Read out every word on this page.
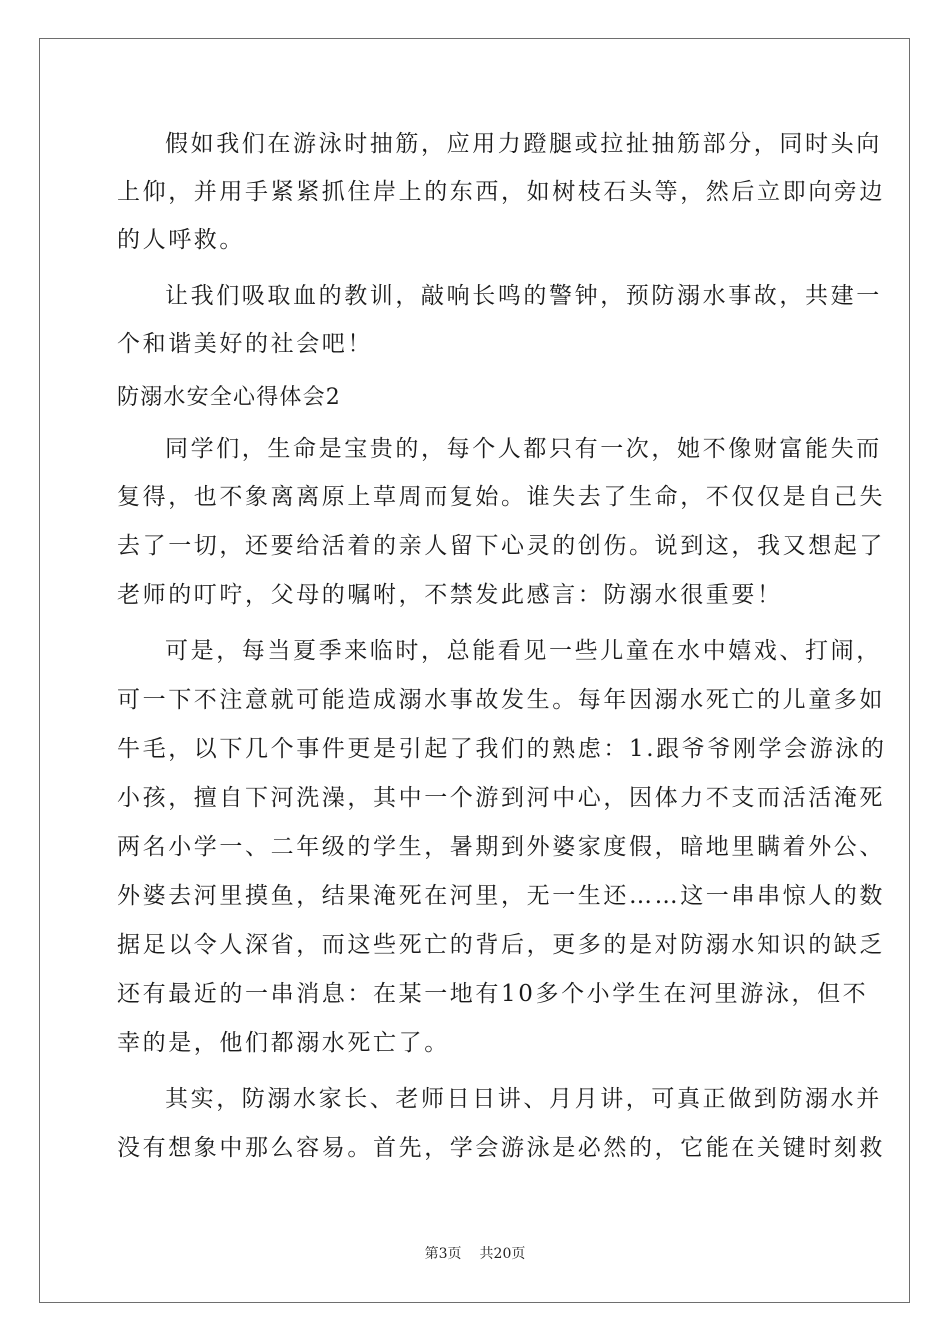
假如我们在游泳时抽筋，应用力蹬腿或拉扯抽筋部分，同时头向
上仰，并用手紧紧抓住岸上的东西，如树枝石头等，然后立即向旁边
的人呼救。
让我们吸取血的教训，敲响长鸣的警钟，预防溺水事故，共建一
个和谐美好的社会吧！
防溺水安全心得体会2
同学们，生命是宝贵的，每个人都只有一次，她不像财富能失而
复得，也不象离离原上草周而复始。谁失去了生命，不仅仅是自己失
去了一切，还要给活着的亲人留下心灵的创伤。说到这，我又想起了
老师的叮咛，父母的嘱咐，不禁发此感言：防溺水很重要！
可是，每当夏季来临时，总能看见一些儿童在水中嬉戏、打闹，
可一下不注意就可能造成溺水事故发生。每年因溺水死亡的儿童多如
牛毛，以下几个事件更是引起了我们的熟虑：1.跟爷爷刚学会游泳的
小孩，擅自下河洗澡，其中一个游到河中心，因体力不支而活活淹死
两名小学一、二年级的学生，暑期到外婆家度假，暗地里瞒着外公、
外婆去河里摸鱼，结果淹死在河里，无一生还……这一串串惊人的数
据足以令人深省，而这些死亡的背后，更多的是对防溺水知识的缺乏
还有最近的一串消息：在某一地有10多个小学生在河里游泳，但不
幸的是，他们都溺水死亡了。
其实，防溺水家长、老师日日讲、月月讲，可真正做到防溺水并
没有想象中那么容易。首先，学会游泳是必然的，它能在关键时刻救
第3页 共20页
